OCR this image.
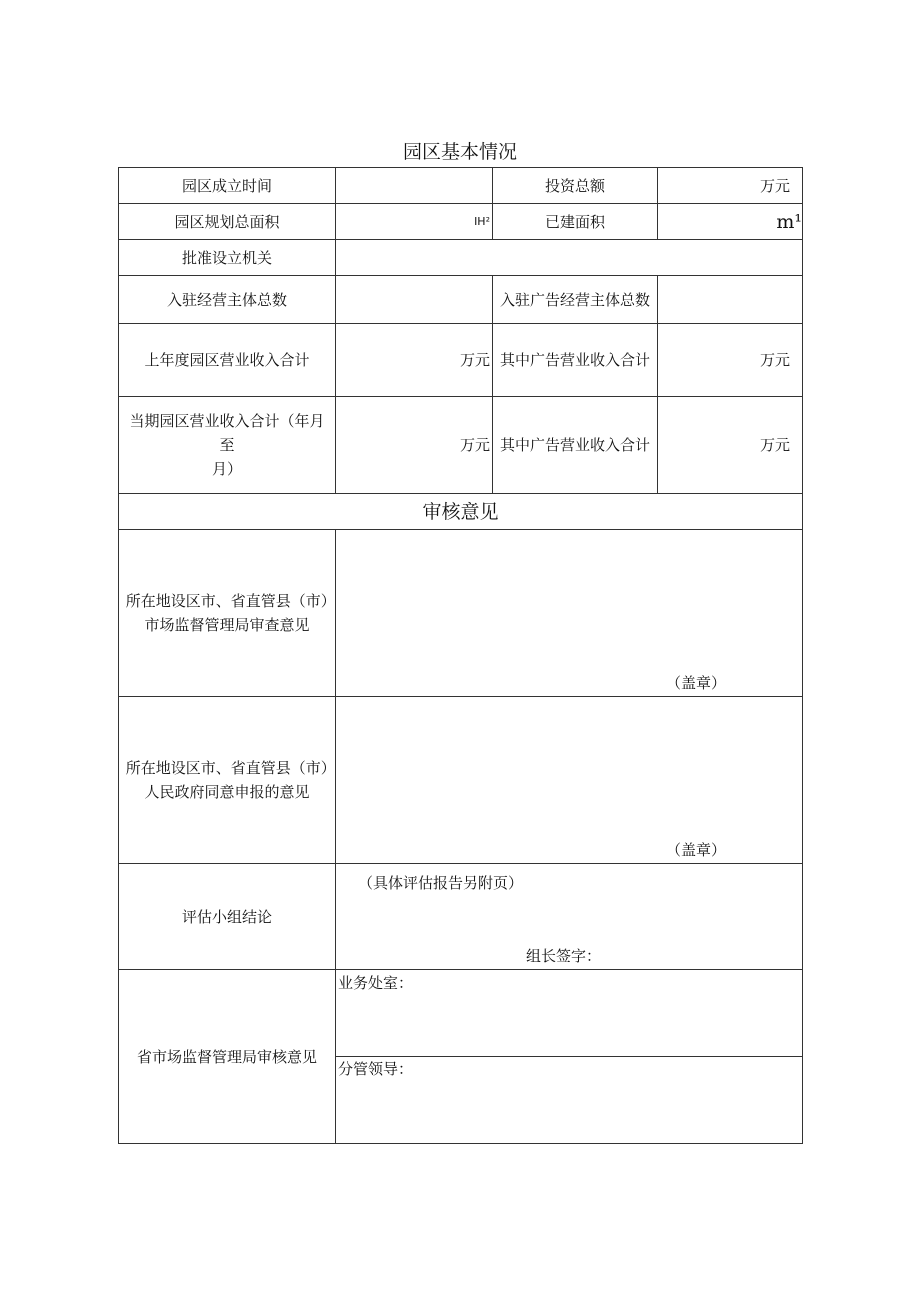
园区基本情况
园区成立时间		投资总额	万元
园区规划总面积	IH²	已建面积	m¹
批准设立机关			
入驻经营主体总数		入驻广告经营主体总数	
上年度园区营业收入合计	万元	其中广告营业收入合计	万元
当期园区营业收入合计（年月至
月）	万元	其中广告营业收入合计	万元
审核意见			
所在地设区市、省直管县（市）市场监督管理局审查意见	（盖章）		

所在地设区市、省直管县（市）人民政府同意申报的意见	（盖章）		

评估小组结论	（具体评估报告另附页）
组长签字：		

省市场监督管理局审核意见	业务处室：
分管领导：		
